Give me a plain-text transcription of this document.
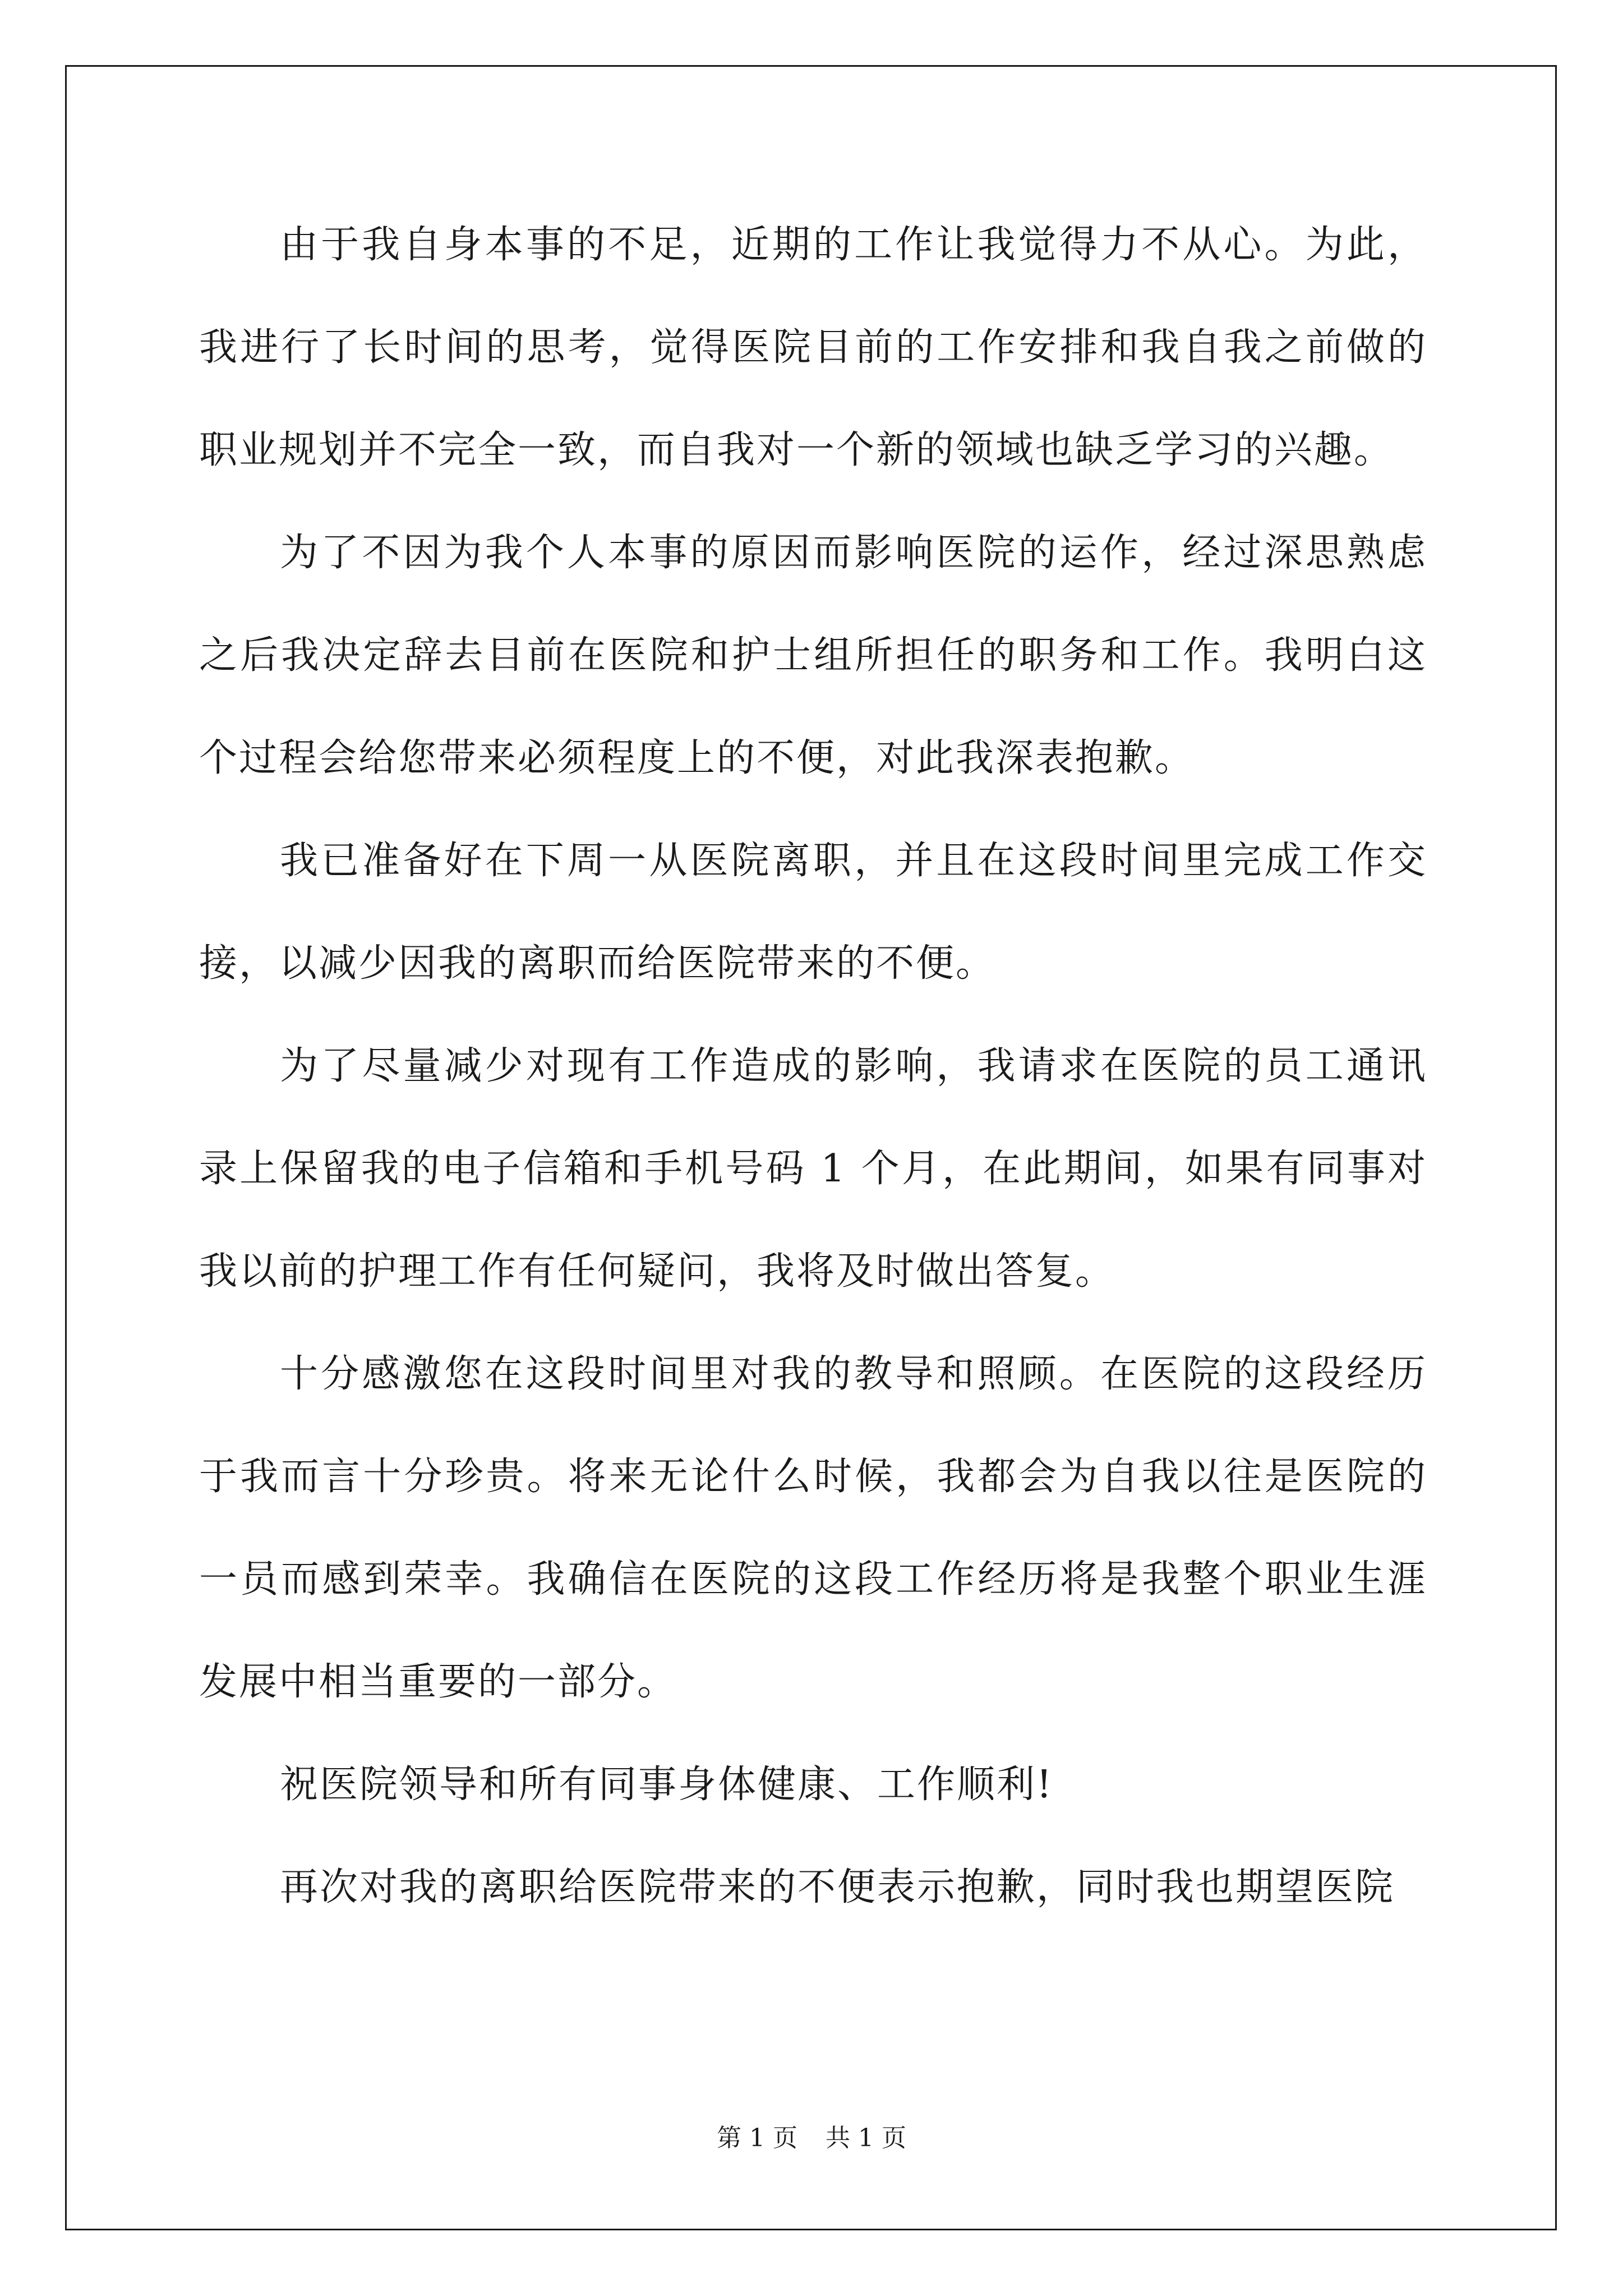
由于我自身本事的不足，近期的工作让我觉得力不从心。为此，我进行了长时间的思考，觉得医院目前的工作安排和我自我之前做的职业规划并不完全一致，而自我对一个新的领域也缺乏学习的兴趣。

为了不因为我个人本事的原因而影响医院的运作，经过深思熟虑之后我决定辞去目前在医院和护士组所担任的职务和工作。我明白这个过程会给您带来必须程度上的不便，对此我深表抱歉。

我已准备好在下周一从医院离职，并且在这段时间里完成工作交接，以减少因我的离职而给医院带来的不便。

为了尽量减少对现有工作造成的影响，我请求在医院的员工通讯录上保留我的电子信箱和手机号码 1 个月，在此期间，如果有同事对我以前的护理工作有任何疑问，我将及时做出答复。

十分感激您在这段时间里对我的教导和照顾。在医院的这段经历于我而言十分珍贵。将来无论什么时候，我都会为自我以往是医院的一员而感到荣幸。我确信在医院的这段工作经历将是我整个职业生涯发展中相当重要的一部分。

祝医院领导和所有同事身体健康、工作顺利!

再次对我的离职给医院带来的不便表示抱歉，同时我也期望医院

第 1 页 共 1 页
